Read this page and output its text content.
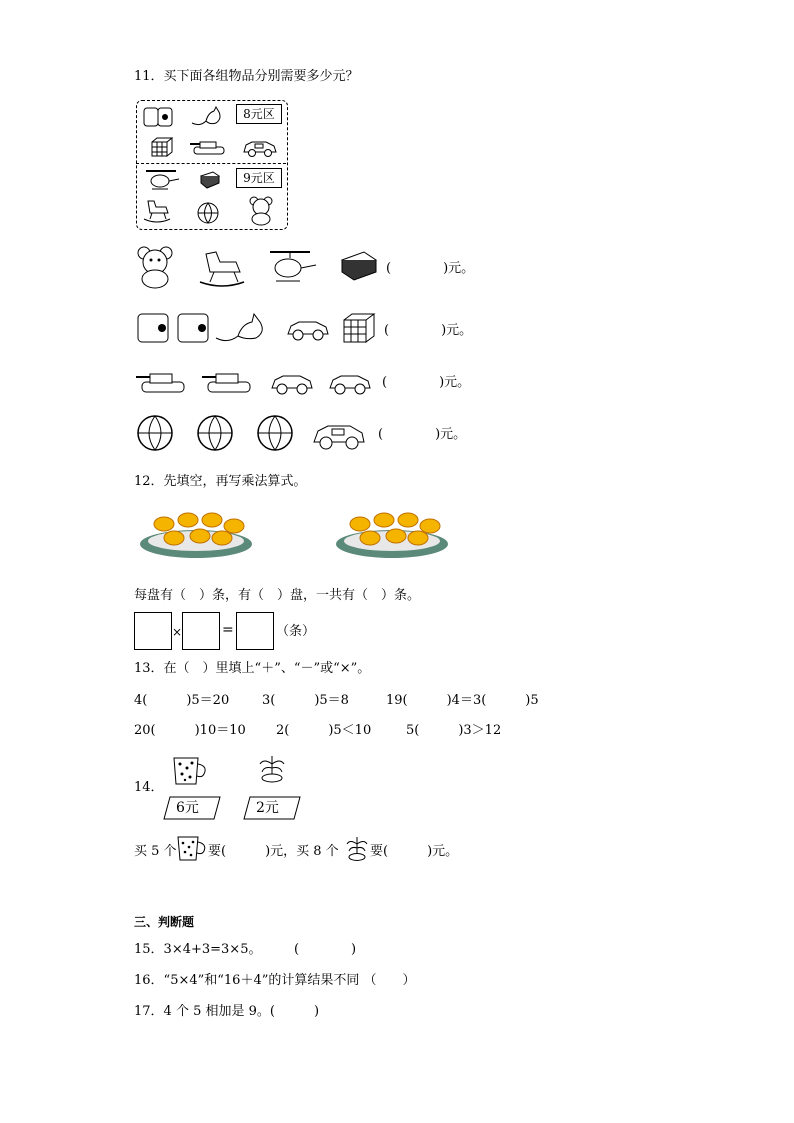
11．买下面各组物品分别需要多少元？
8元区
9元区
(　　　　)元。
(　　　　)元。
(　　　　)元。
(　　　　)元。
12．先填空，再写乘法算式。
每盘有（　）条，有（　）盘，一共有（　）条。
×	=	（条）
13．在（　）里填上“＋”、“－”或“×”。
4(　　　)5＝20	3(　　　)5＝8	19(　　　)4＝3(　　　)5
20(　　　)10＝10 2(　　　)5＜10	5(　　　)3＞12
14．
6元	2元
买 5 个 要(　　　)元，买 8 个 要(　　　)元。
三、判断题
15．3×4+3=3×5。　　　(　　　　)
16．“5×4”和“16＋4”的计算结果不同 （　　）
17．4 个 5 相加是 9。(　　　)
